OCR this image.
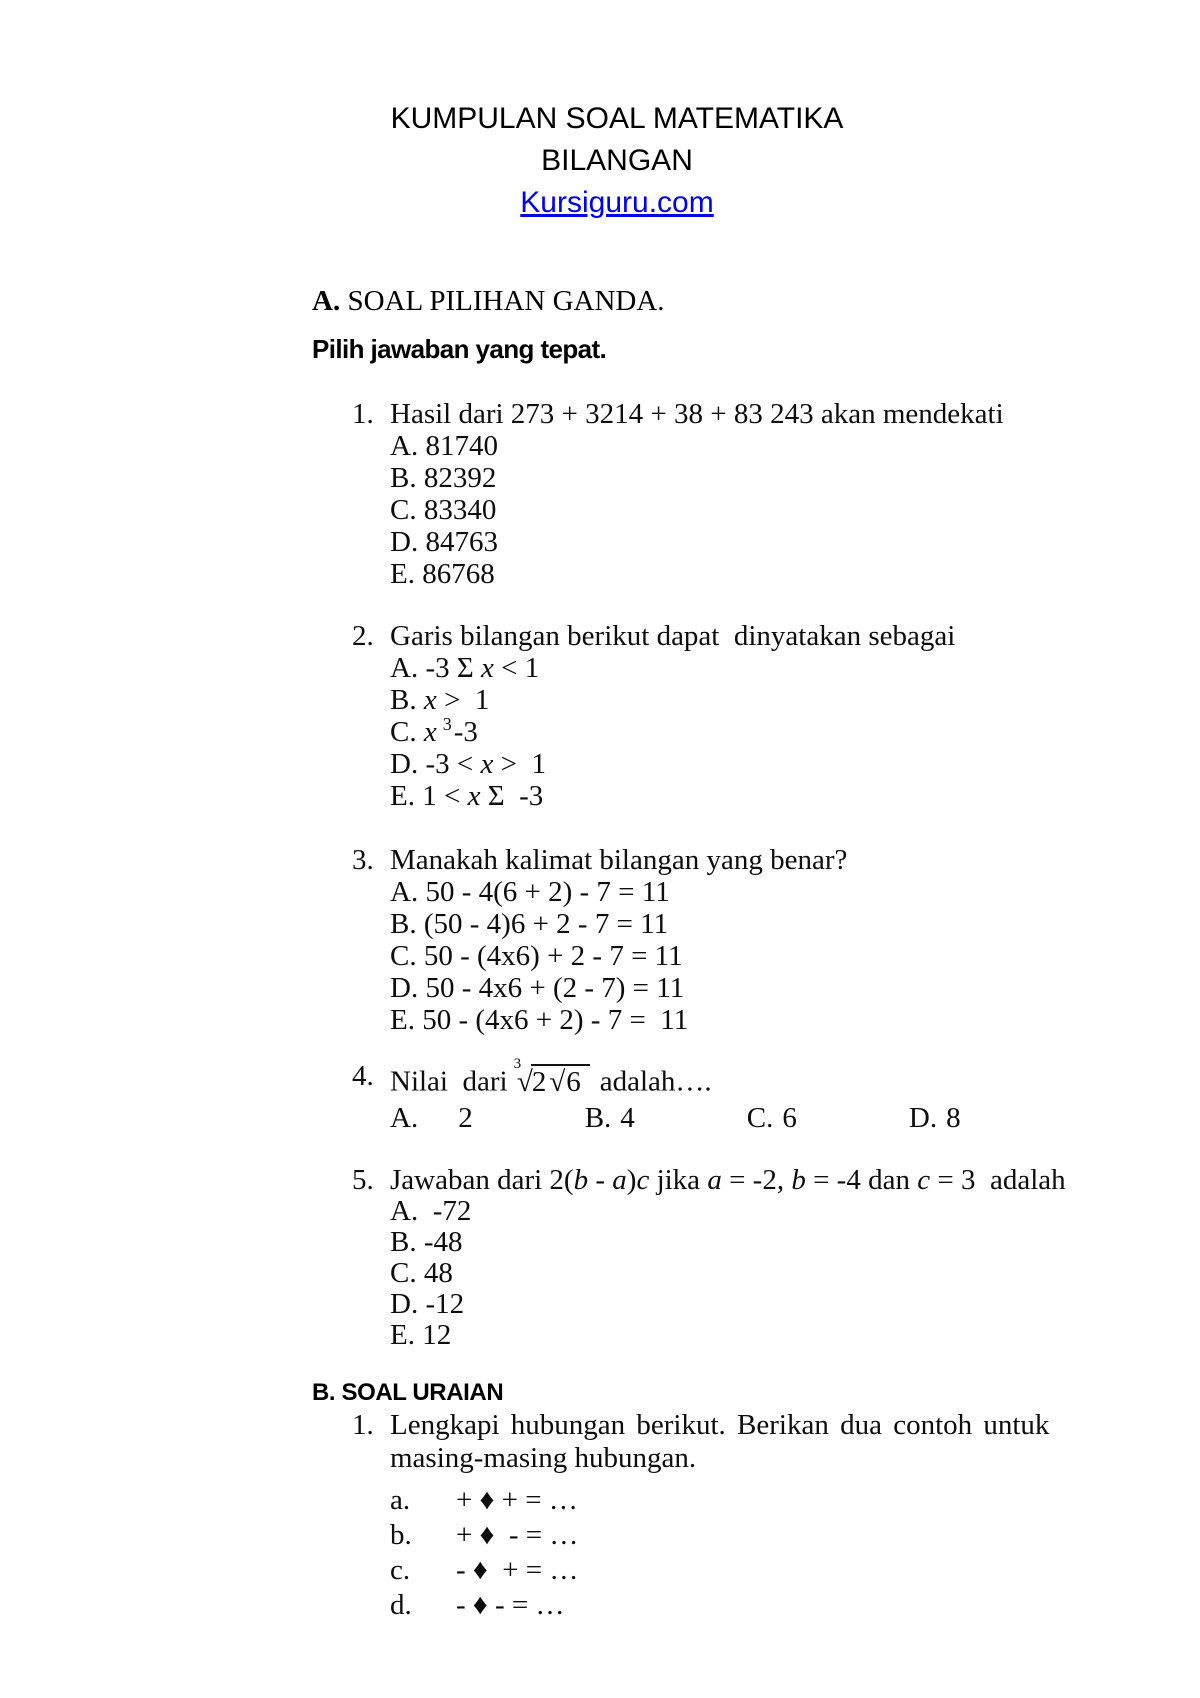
KUMPULAN SOAL MATEMATIKA
BILANGAN
Kursiguru.com
A. SOAL PILIHAN GANDA.
Pilih jawaban yang tepat.
1. Hasil dari 273 + 3214 + 38 + 83 243 akan mendekati
A. 81740
B. 82392
C. 83340
D. 84763
E. 86768
2. Garis bilangan berikut dapat  dinyatakan sebagai
A. -3 Σ x < 1
B. x >  1
C. x $^3$-3
D. -3 < x >  1
E. 1 < x Σ  -3
3. Manakah kalimat bilangan yang benar?
A. 50 - 4(6 + 2) - 7 = 11
B. (50 - 4)6 + 2 - 7 = 11
C. 50 - (4x6) + 2 - 7 = 11
D. 50 - 4x6 + (2 - 7) = 11
E. 50 - (4x6 + 2) - 7 =  11
4. Nilai  dari$^3$√2 √6 adalah….
A. 2	B. 4	C. 6	D. 8
5. Jawaban dari 2(b - a)c jika a = -2, b = -4 dan c = 3  adalah
A.  -72
B. -48
C. 48
D. -12
E. 12
B. SOAL URAIAN
1. Lengkapi hubungan berikut. Berikan dua contoh untuk
masing-masing hubungan.
a.	+ ♦ + = …
b.	+ ♦  - = …
c.	- ♦  + = …
d.	- ♦ - = …
